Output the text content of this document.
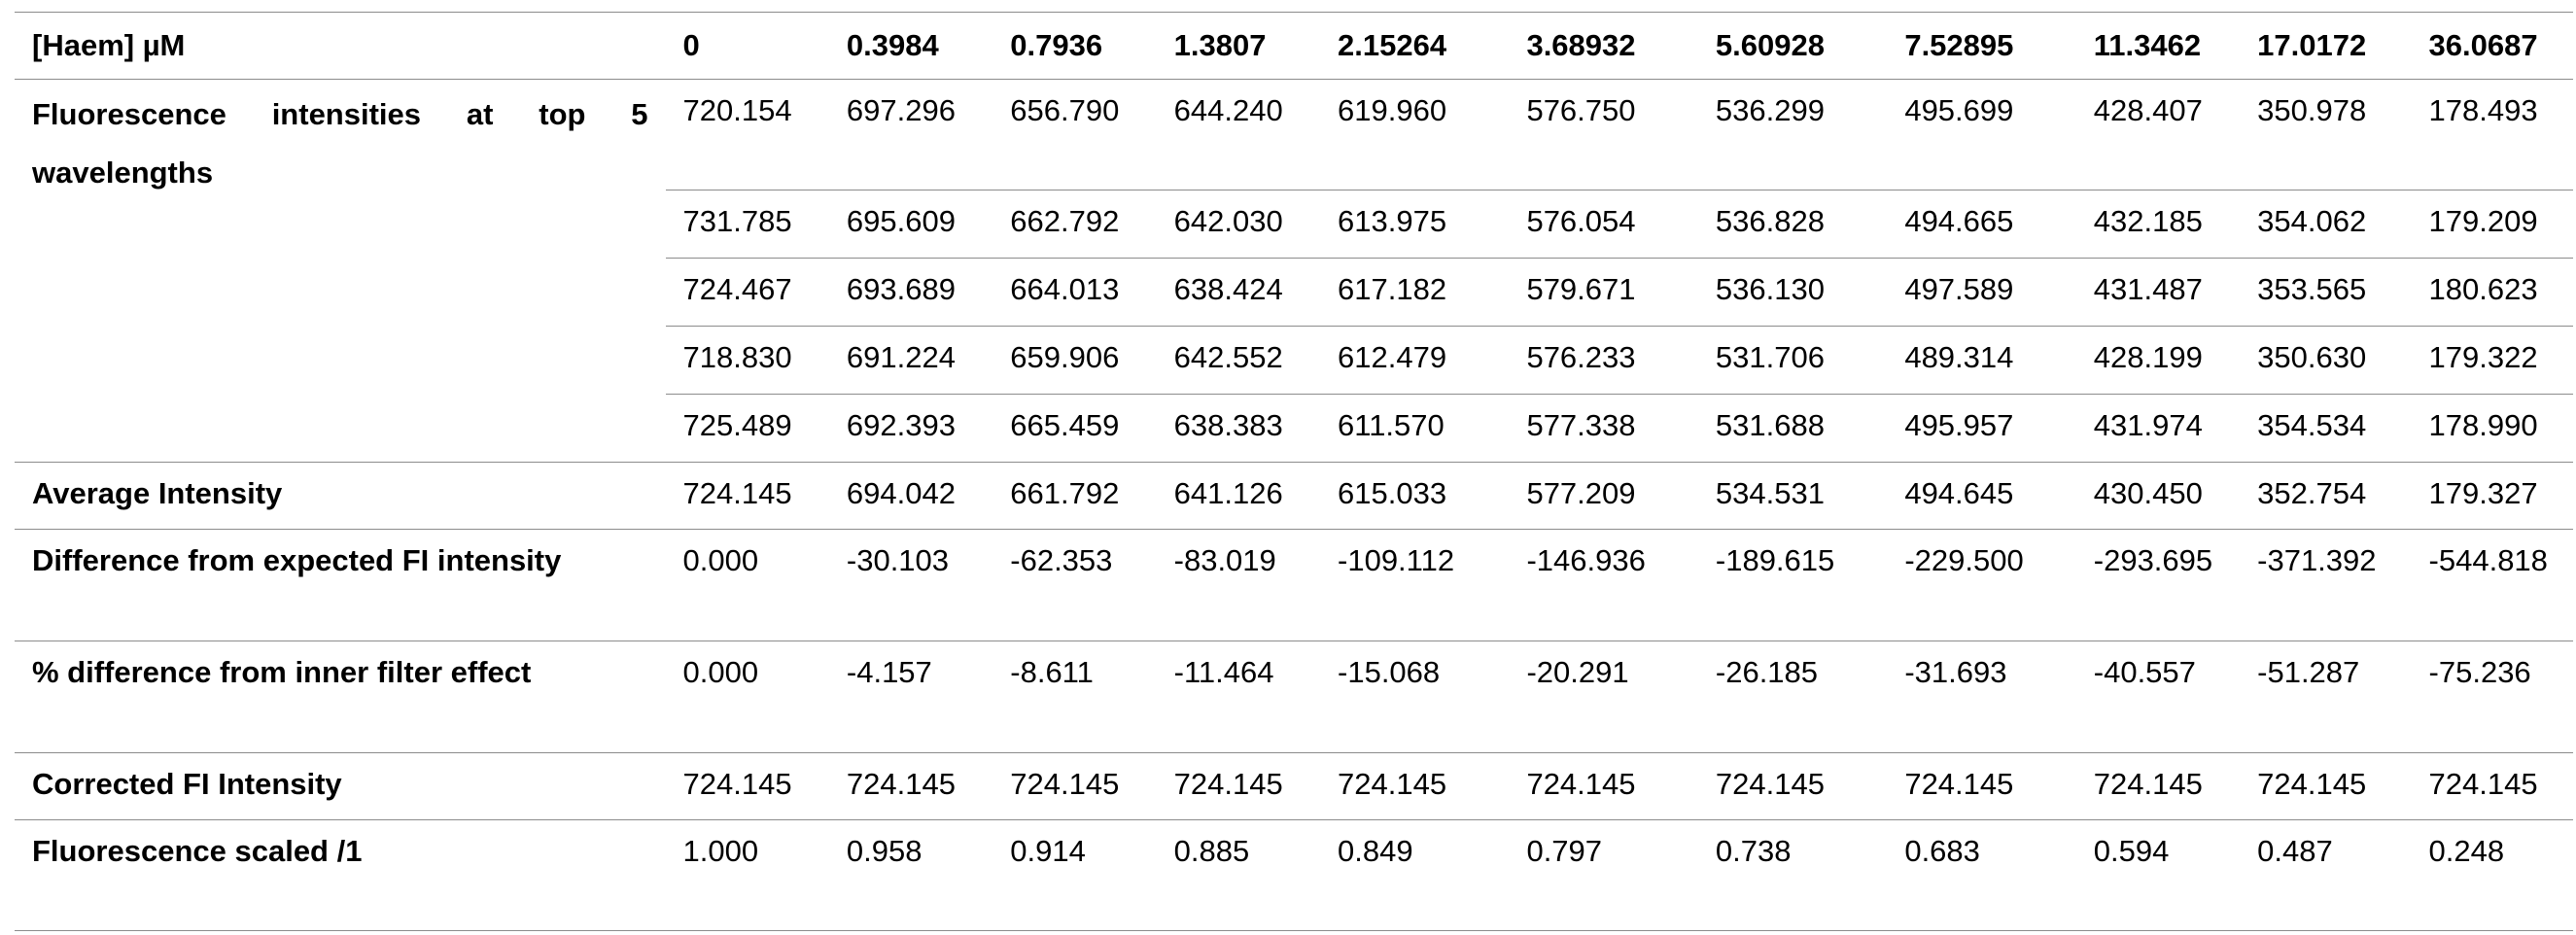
[Haem] µM	0	0.3984	0.7936	1.3807	2.15264	3.68932	5.60928	7.52895	11.3462	17.0172	36.0687
Fluorescence intensities at top 5 wavelengths	720.154	697.296	656.790	644.240	619.960	576.750	536.299	495.699	428.407	350.978	178.493
	731.785	695.609	662.792	642.030	613.975	576.054	536.828	494.665	432.185	354.062	179.209
	724.467	693.689	664.013	638.424	617.182	579.671	536.130	497.589	431.487	353.565	180.623
	718.830	691.224	659.906	642.552	612.479	576.233	531.706	489.314	428.199	350.630	179.322
	725.489	692.393	665.459	638.383	611.570	577.338	531.688	495.957	431.974	354.534	178.990
Average Intensity	724.145	694.042	661.792	641.126	615.033	577.209	534.531	494.645	430.450	352.754	179.327
Difference from expected FI intensity	0.000	-30.103	-62.353	-83.019	-109.112	-146.936	-189.615	-229.500	-293.695	-371.392	-544.818
% difference from inner filter effect	0.000	-4.157	-8.611	-11.464	-15.068	-20.291	-26.185	-31.693	-40.557	-51.287	-75.236
Corrected FI Intensity	724.145	724.145	724.145	724.145	724.145	724.145	724.145	724.145	724.145	724.145	724.145
Fluorescence scaled /1	1.000	0.958	0.914	0.885	0.849	0.797	0.738	0.683	0.594	0.487	0.248
